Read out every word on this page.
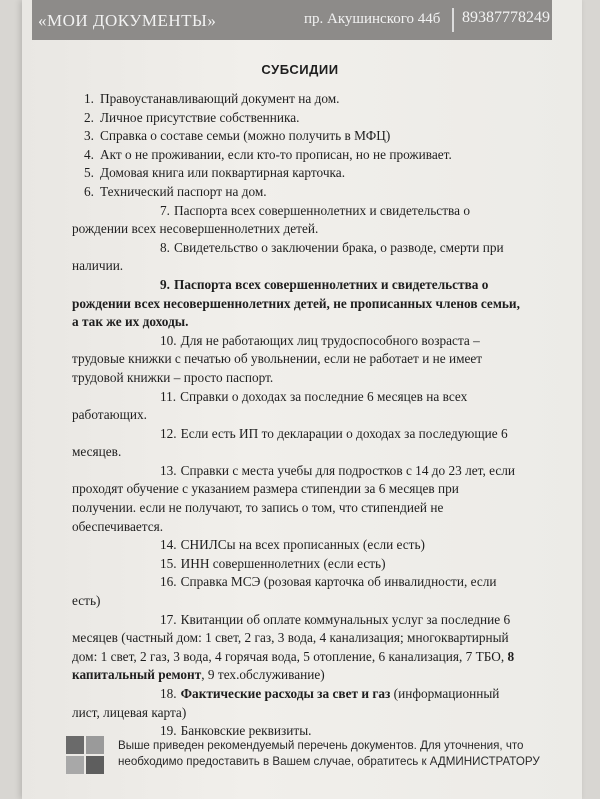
«МОИ ДОКУМЕНТЫ»	пр. Акушинского 44б	89387778249
СУБСИДИИ

1. Правоустанавливающий документ на дом.

2. Личное присутствие собственника.

3. Справка о составе семьи (можно получить в МФЦ)

4. Акт о не проживании, если кто-то прописан, но не проживает.

5. Домовая книга или поквартирная карточка.

6. Технический паспорт на дом.

7. Паспорта всех совершеннолетних и свидетельства о рождении всех несовершеннолетних детей.

8. Свидетельство о заключении брака, о разводе, смерти при наличии.

9. Паспорта всех совершеннолетних и свидетельства о рождении всех несовершеннолетних детей, не прописанных членов семьи, а так же их доходы.

10. Для не работающих лиц трудоспособного возраста – трудовые книжки с печатью об увольнении, если не работает и не имеет трудовой книжки – просто паспорт.

11. Справки о доходах за последние 6 месяцев на всех работающих.

12. Если есть ИП то декларации о доходах за последующие 6 месяцев.

13. Справки с места учебы для подростков с 14 до 23 лет, если проходят обучение с указанием размера стипендии за 6 месяцев при получении. если не получают, то запись о том, что стипендией не обеспечивается.

14. СНИЛСы на всех прописанных (если есть)

15. ИНН совершеннолетних (если есть)

16. Справка МСЭ (розовая карточка об инвалидности, если есть)

17. Квитанции об оплате коммунальных услуг за последние 6 месяцев (частный дом: 1 свет, 2 газ, 3 вода, 4 канализация; многоквартирный дом: 1 свет, 2 газ, 3 вода, 4 горячая вода, 5 отопление, 6 канализация, 7 ТБО, 8 капитальный ремонт, 9 тех.обслуживание)

18. Фактические расходы за свет и газ (информационный лист, лицевая карта)

19. Банковские реквизиты.

Выше приведен рекомендуемый перечень документов. Для уточнения, что необходимо предоставить в Вашем случае, обратитесь к АДМИНИСТРАТОРУ
